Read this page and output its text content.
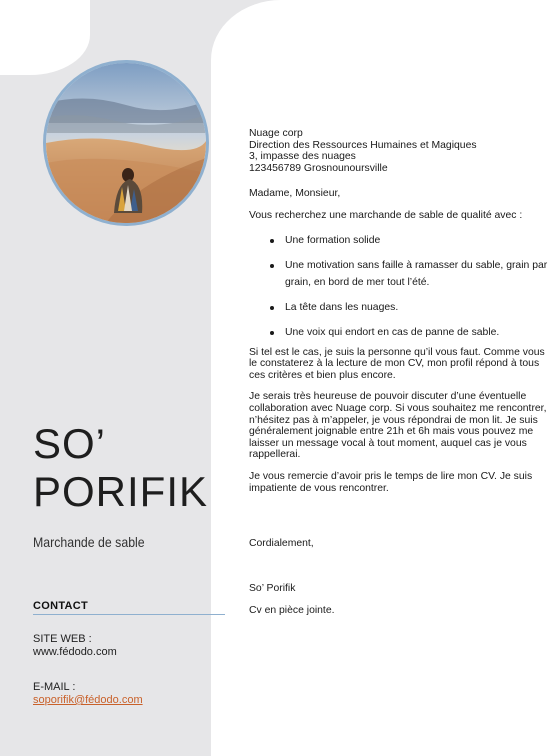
SO’
PORIFIK
Marchande de sable
CONTACT
SITE WEB :
www.fédodo.com
E-MAIL :
soporifik@fédodo.com

Nuage corp

Direction des Ressources Humaines et Magiques

3, impasse des nuages

123456789 Grosnounoursville

Madame, Monsieur,

Vous recherchez une marchande de sable de qualité avec :

Une formation solide
Une motivation sans faille à ramasser du sable, grain par grain, en bord de mer tout l’été.
La tête dans les nuages.
Une voix qui endort en cas de panne de sable.

Si tel est le cas, je suis la personne qu’il vous faut. Comme vous le constaterez à la lecture de mon CV, mon profil répond à tous ces critères et bien plus encore.

Je serais très heureuse de pouvoir discuter d’une éventuelle collaboration avec Nuage corp. Si vous souhaitez me rencontrer, n’hésitez pas à m’appeler, je vous répondrai de mon lit. Je suis généralement joignable entre 21h et 6h mais vous pouvez me laisser un message vocal à tout moment, auquel cas je vous rappellerai.

Je vous remercie d’avoir pris le temps de lire mon CV. Je suis impatiente de vous rencontrer.

Cordialement,
So’ Porifik
Cv en pièce jointe.
